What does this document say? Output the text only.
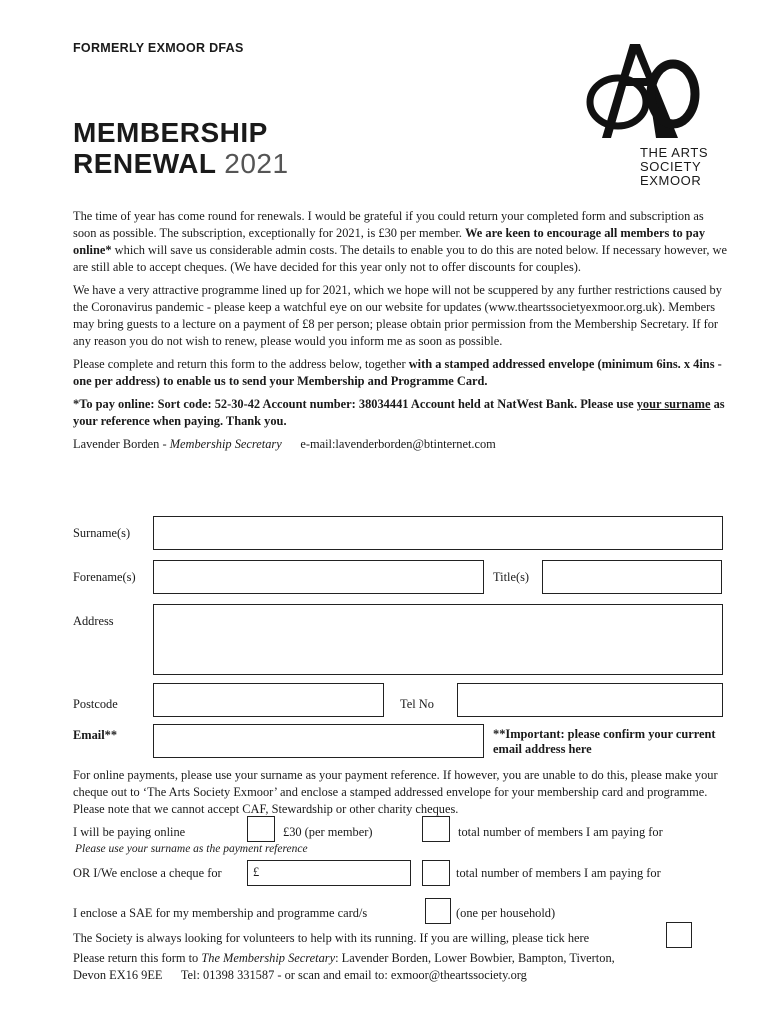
FORMERLY EXMOOR DFAS
MEMBERSHIP
RENEWAL 2021	THE ARTS
SOCIETY
EXMOOR

The time of year has come round for renewals. I would be grateful if you could return your completed form and subscription as soon as possible. The subscription, exceptionally for 2021, is £30 per member. We are keen to encourage all members to pay online* which will save us considerable admin costs. The details to enable you to do this are noted below. If necessary however, we are still able to accept cheques. (We have decided for this year only not to offer discounts for couples).

We have a very attractive programme lined up for 2021, which we hope will not be scuppered by any further restrictions caused by the Coronavirus pandemic - please keep a watchful eye on our website for updates (www.theartssocietyexmoor.org.uk). Members may bring guests to a lecture on a payment of £8 per person; please obtain prior permission from the Membership Secretary. If for any reason you do not wish to renew, please would you inform me as soon as possible.

Please complete and return this form to the address below, together with a stamped addressed envelope (minimum 6ins. x 4ins - one per address) to enable us to send your Membership and Programme Card.

*To pay online: Sort code: 52-30-42 Account number: 38034441 Account held at NatWest Bank. Please use your surname as your reference when paying. Thank you.

Lavender Borden - Membership Secretary e-mail:lavenderborden@btinternet.com

Surname(s)
Forename(s)	Title(s)
Address
Postcode	Tel No
Email**	**Important: please confirm your current email address here
For online payments, please use your surname as your payment reference. If however, you are unable to do this, please make your cheque out to ‘The Arts Society Exmoor’ and enclose a stamped addressed envelope for your membership card and programme. Please note that we cannot accept CAF, Stewardship or other charity cheques.
I will be paying online	£30 (per member)	total number of members I am paying for
Please use your surname as the payment reference
OR I/We enclose a cheque for	£	total number of members I am paying for
I enclose a SAE for my membership and programme card/s	(one per household)
The Society is always looking for volunteers to help with its running. If you are willing, please tick here
Please return this form to The Membership Secretary: Lavender Borden, Lower Bowbier, Bampton, Tiverton,
Devon EX16 9EE      Tel: 01398 331587 - or scan and email to: exmoor@theartssociety.org
